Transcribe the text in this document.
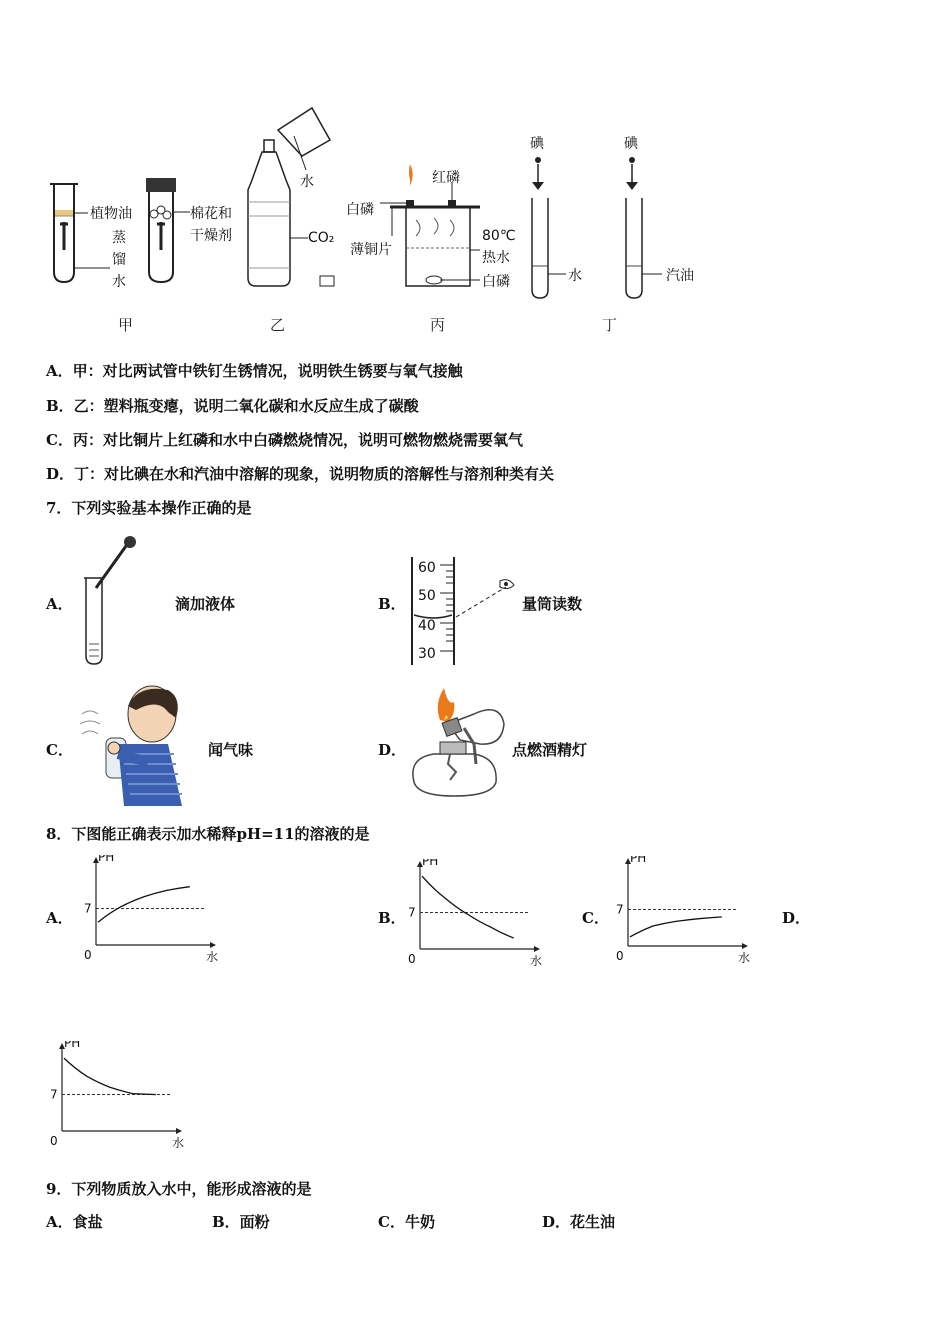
植物油
蒸
馏
水
棉花和
干燥剂
水
CO₂
红磷
白磷
薄铜片
80℃
热水
白磷
碘
水
碘
汽油
甲	乙	丙	丁
A．甲：对比两试管中铁钉生锈情况，说明铁生锈要与氧气接触
B．乙：塑料瓶变瘪，说明二氧化碳和水反应生成了碳酸
C．丙：对比铜片上红磷和水中白磷燃烧情况，说明可燃物燃烧需要氧气
D．丁：对比碘在水和汽油中溶解的现象，说明物质的溶解性与溶剂种类有关
7．下列实验基本操作正确的是
A．	滴加液体	B．
60
50
40
30
量筒读数
C．	闻气味	D．	点燃酒精灯
8．下图能正确表示加水稀释pH=11的溶液的是
A．	B．	C．	D．
PH
水
0
7
PH
水
0
7
PH
水
0
7
PH
水
0
7
9．下列物质放入水中，能形成溶液的是
A．食盐	B．面粉	C．牛奶	D．花生油
